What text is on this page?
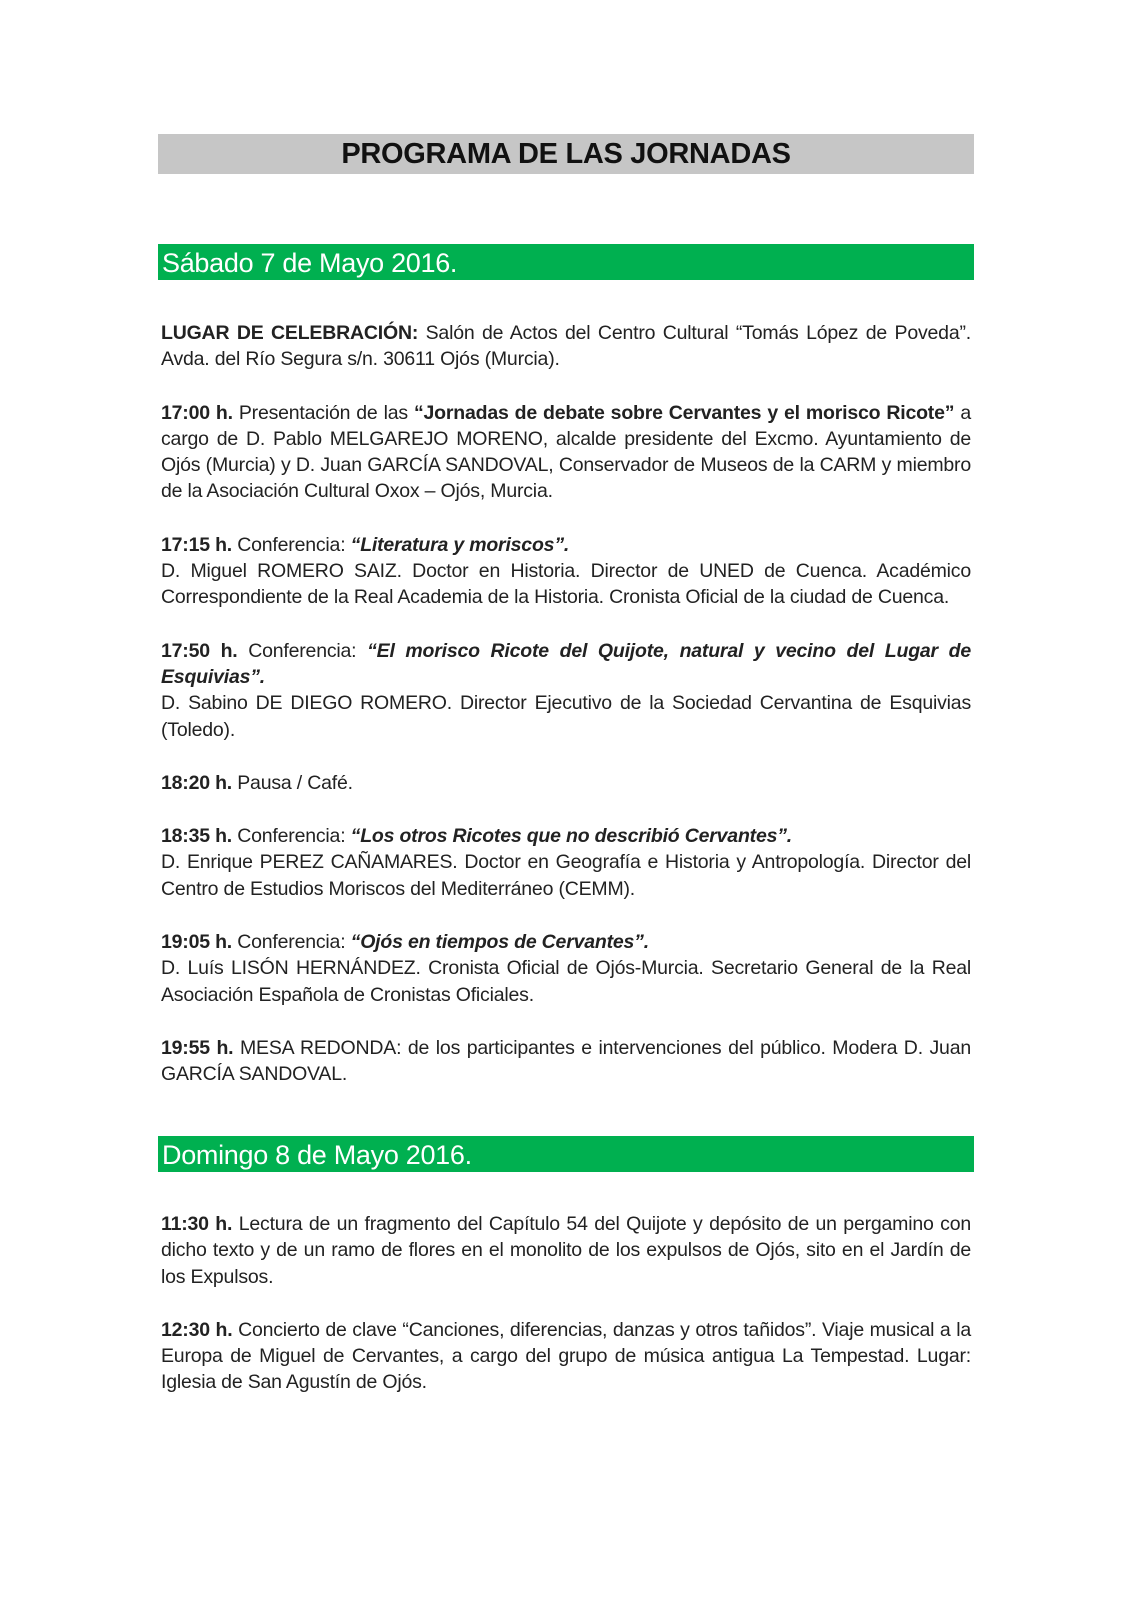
PROGRAMA DE LAS JORNADAS
Sábado 7 de Mayo 2016.

LUGAR DE CELEBRACIÓN: Salón de Actos del Centro Cultural “Tomás López de Poveda”. Avda. del Río Segura s/n. 30611 Ojós (Murcia).

17:00 h. Presentación de las “Jornadas de debate sobre Cervantes y el morisco Ricote” a cargo de D. Pablo MELGAREJO MORENO, alcalde presidente del Excmo. Ayuntamiento de Ojós (Murcia) y D. Juan GARCÍA SANDOVAL, Conservador de Museos de la CARM y miembro de la Asociación Cultural Oxox – Ojós, Murcia.

17:15 h. Conferencia: “Literatura y moriscos”.
D. Miguel ROMERO SAIZ. Doctor en Historia. Director de UNED de Cuenca. Académico Correspondiente de la Real Academia de la Historia. Cronista Oficial de la ciudad de Cuenca.

17:50 h. Conferencia: “El morisco Ricote del Quijote, natural y vecino del Lugar de Esquivias”.
D. Sabino DE DIEGO ROMERO. Director Ejecutivo de la Sociedad Cervantina de Esquivias (Toledo).

18:20 h. Pausa / Café.

18:35 h. Conferencia: “Los otros Ricotes que no describió Cervantes”.
D. Enrique PEREZ CAÑAMARES. Doctor en Geografía e Historia y Antropología. Director del Centro de Estudios Moriscos del Mediterráneo (CEMM).

19:05 h. Conferencia: “Ojós en tiempos de Cervantes”.
D. Luís LISÓN HERNÁNDEZ. Cronista Oficial de Ojós-Murcia. Secretario General de la Real Asociación Española de Cronistas Oficiales.

19:55 h. MESA REDONDA: de los participantes e intervenciones del público. Modera D. Juan GARCÍA SANDOVAL.

Domingo 8 de Mayo 2016.

11:30 h. Lectura de un fragmento del Capítulo 54 del Quijote y depósito de un pergamino con dicho texto y de un ramo de flores en el monolito de los expulsos de Ojós, sito en el Jardín de los Expulsos.

12:30 h. Concierto de clave “Canciones, diferencias, danzas y otros tañidos”. Viaje musical a la Europa de Miguel de Cervantes, a cargo del grupo de música antigua La Tempestad. Lugar: Iglesia de San Agustín de Ojós.
